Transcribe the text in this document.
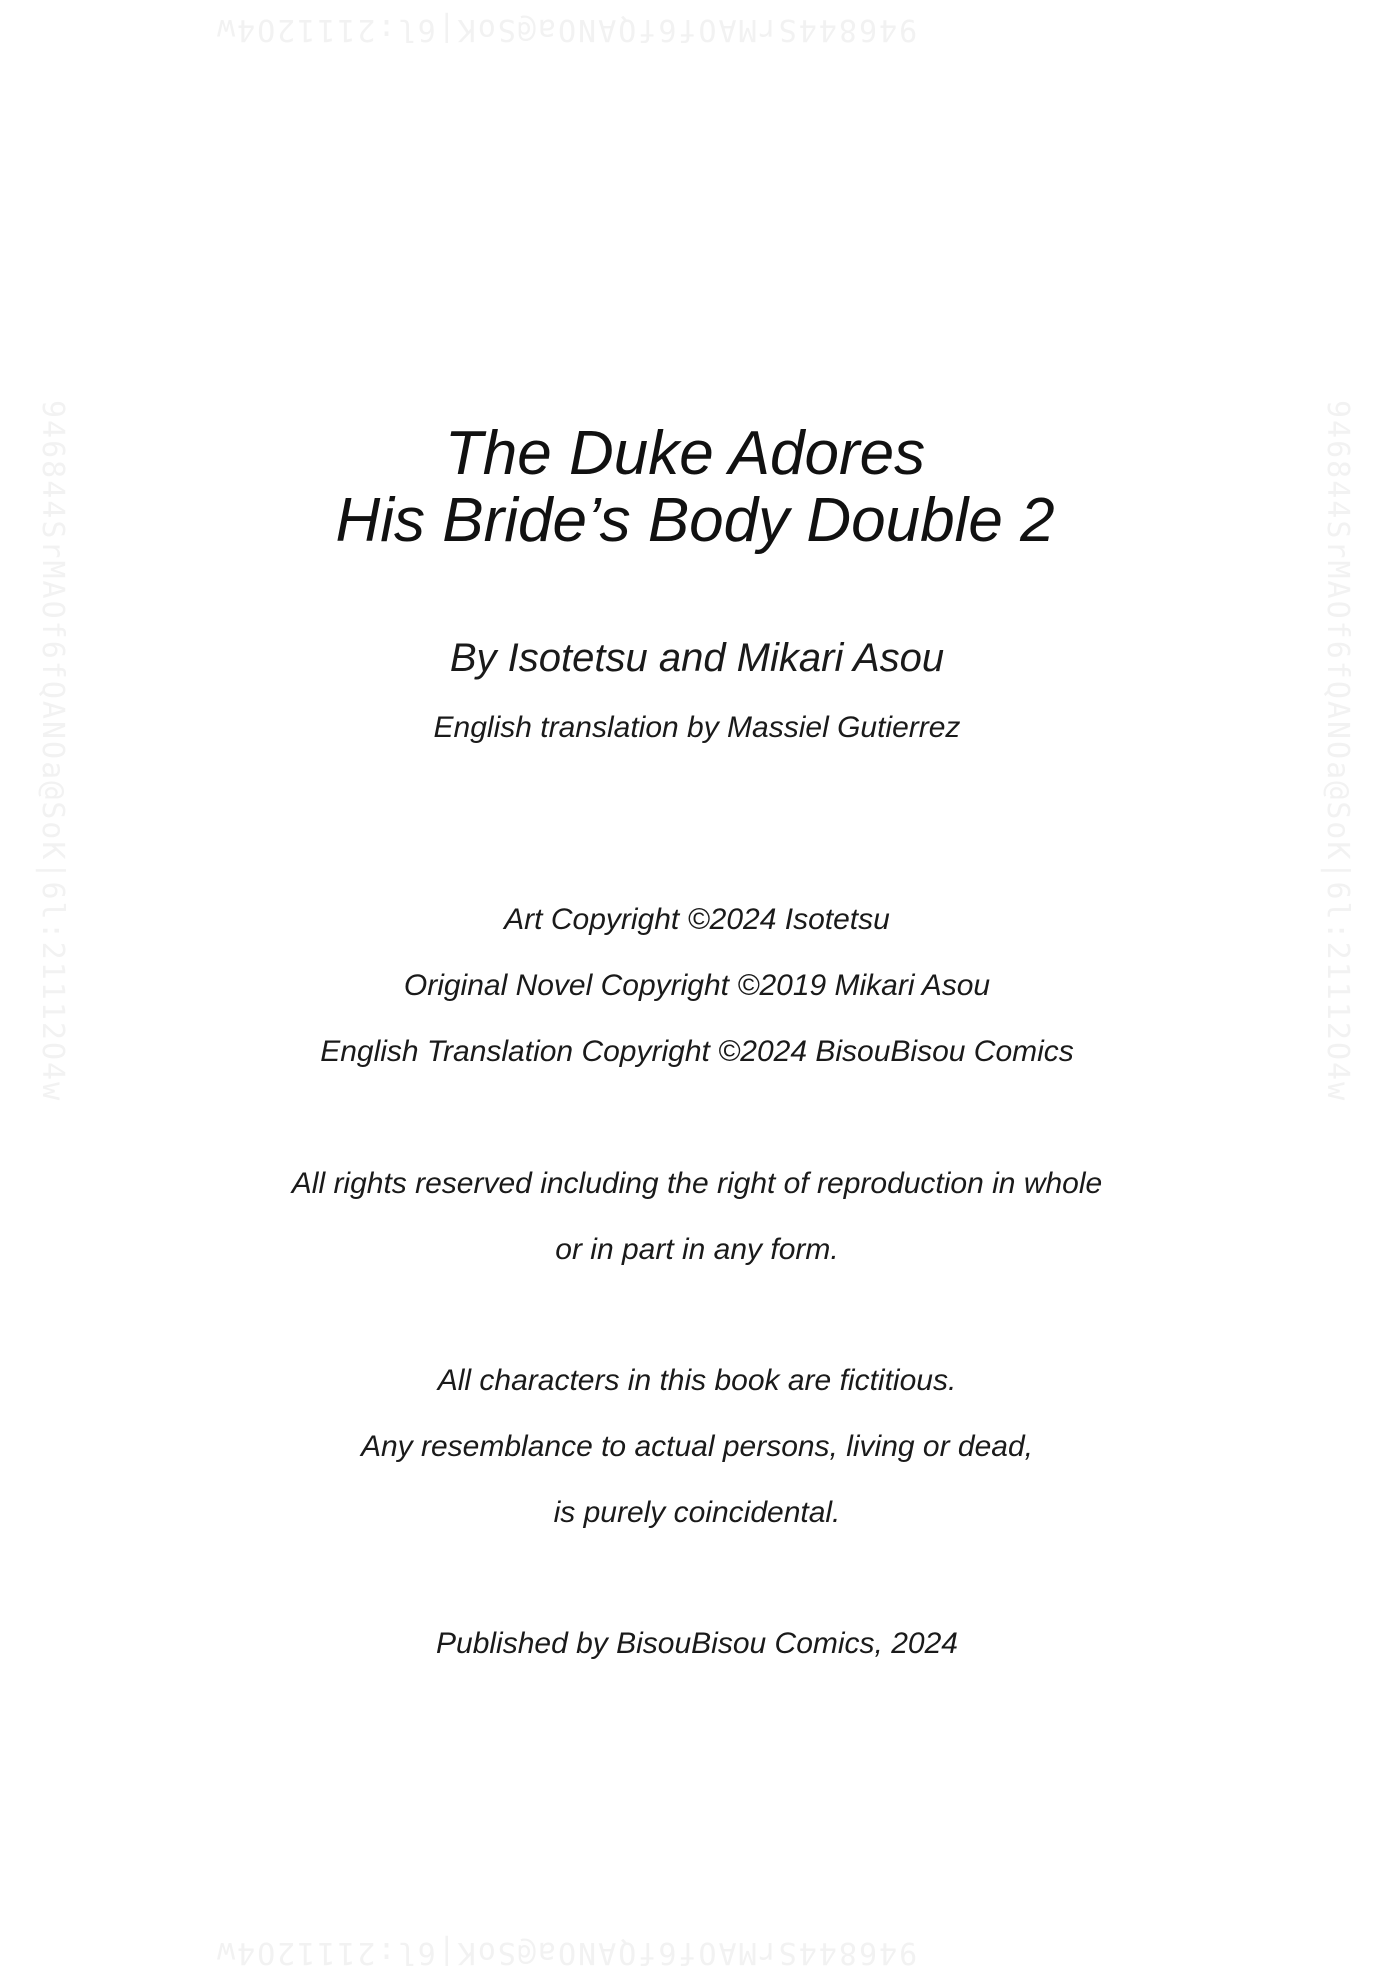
946844SrMAOf6fQANOa@SoK|6l:21112O4w
946844SrMAOf6fQANOa@SoK|6l:21112O4w
946844SrMAOf6fQANOa@SoK|6l:21112O4w	946844SrMAOf6fQANOa@SoK|6l:21112O4w
The Duke Adores
His Bride’s Body Double 2
By Isotetsu and Mikari Asou
English translation by Massiel Gutierrez
Art Copyright ©2024 Isotetsu
Original Novel Copyright ©2019 Mikari Asou
English Translation Copyright ©2024 BisouBisou Comics
All rights reserved including the right of reproduction in whole
or in part in any form.
All characters in this book are fictitious.
Any resemblance to actual persons, living or dead,
is purely coincidental.
Published by BisouBisou Comics, 2024
